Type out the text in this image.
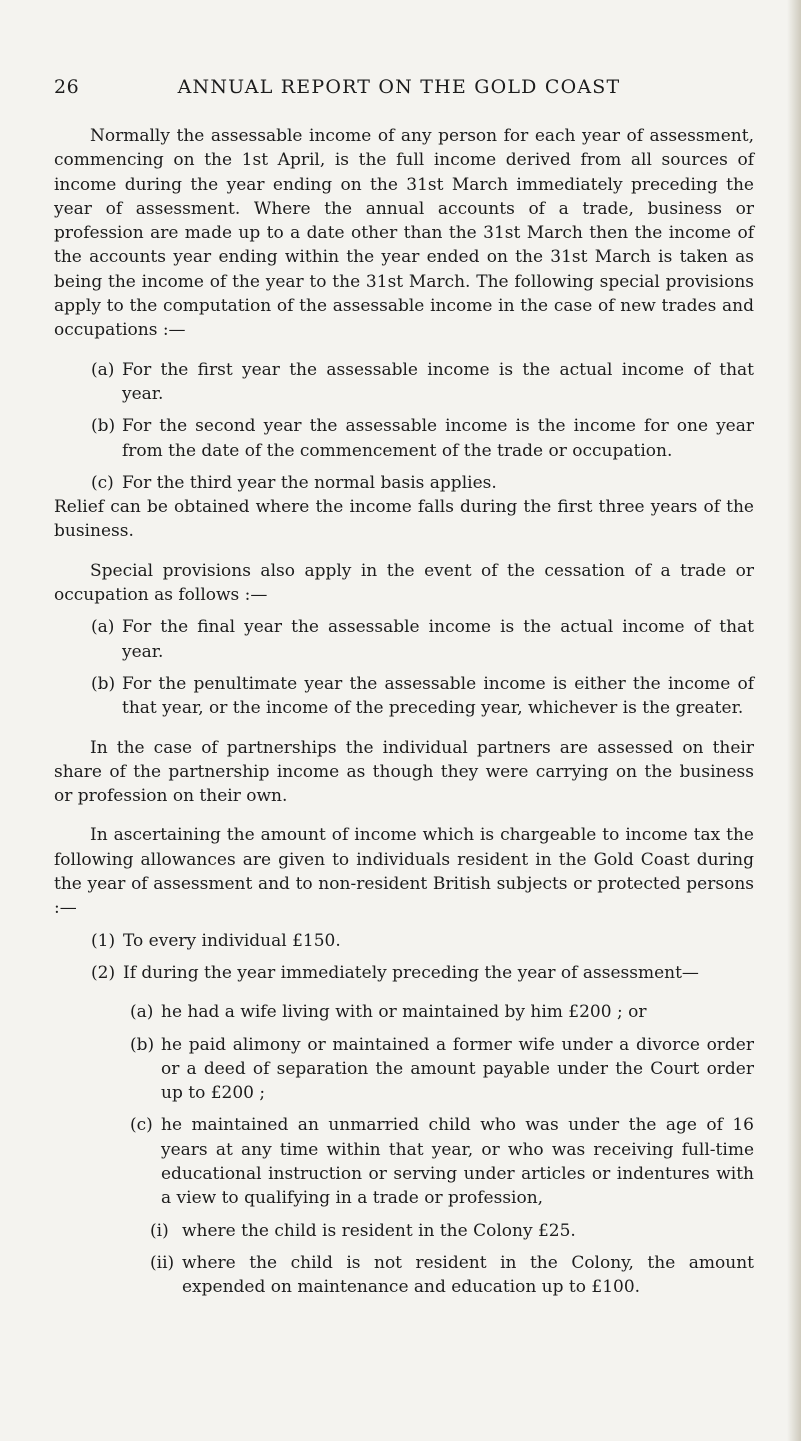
26	ANNUAL REPORT ON THE GOLD COAST

Normally the assessable income of any person for each year of assessment, commencing on the 1st April, is the full income derived from all sources of income during the year ending on the 31st March immediately preceding the year of assessment. Where the annual accounts of a trade, business or profession are made up to a date other than the 31st March then the income of the accounts year ending within the year ended on the 31st March is taken as being the income of the year to the 31st March. The following special provisions apply to the computation of the assessable income in the case of new trades and occupations :—

(a) For the first year the assessable income is the actual income of that year.
(b) For the second year the assessable income is the income for one year from the date of the commencement of the trade or occupation.
(c) For the third year the normal basis applies.

Relief can be obtained where the income falls during the first three years of the business.

Special provisions also apply in the event of the cessation of a trade or occupation as follows :—

(a) For the final year the assessable income is the actual income of that year.
(b) For the penultimate year the assessable income is either the income of that year, or the income of the preceding year, whichever is the greater.

In the case of partnerships the individual partners are assessed on their share of the partnership income as though they were carrying on the business or profession on their own.

In ascertaining the amount of income which is chargeable to income tax the following allowances are given to individuals resident in the Gold Coast during the year of assessment and to non-resident British subjects or protected persons :—

(1) To every individual £150.
(2) If during the year immediately preceding the year of assessment—
(a) he had a wife living with or maintained by him £200 ; or
(b) he paid alimony or maintained a former wife under a divorce order or a deed of separation the amount payable under the Court order up to £200 ;
(c) he maintained an unmarried child who was under the age of 16 years at any time within that year, or who was receiving full-time educational instruction or serving under articles or indentures with a view to qualifying in a trade or profession,
(i) where the child is resident in the Colony £25.
(ii) where the child is not resident in the Colony, the amount expended on maintenance and education up to £100.
